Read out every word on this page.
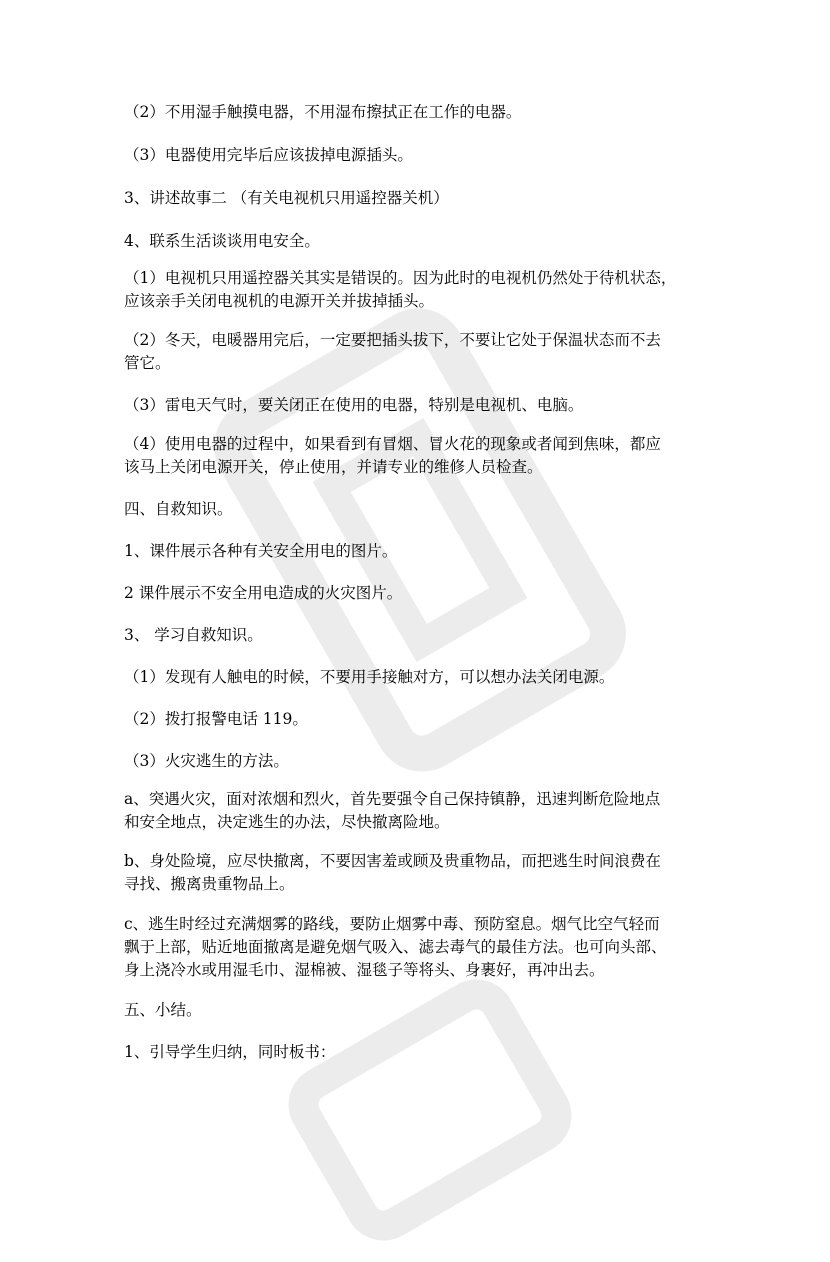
（2）不用湿手触摸电器，不用湿布擦拭正在工作的电器。
（3）电器使用完毕后应该拔掉电源插头。
3、讲述故事二 （有关电视机只用遥控器关机）
4、联系生活谈谈用电安全。
（1）电视机只用遥控器关其实是错误的。因为此时的电视机仍然处于待机状态，
应该亲手关闭电视机的电源开关并拔掉插头。
（2）冬天，电暖器用完后，一定要把插头拔下，不要让它处于保温状态而不去
管它。
（3）雷电天气时，要关闭正在使用的电器，特别是电视机、电脑。
（4）使用电器的过程中，如果看到有冒烟、冒火花的现象或者闻到焦味，都应
该马上关闭电源开关，停止使用，并请专业的维修人员检查。
四、自救知识。
1、课件展示各种有关安全用电的图片。
2 课件展示不安全用电造成的火灾图片。
3、 学习自救知识。
（1）发现有人触电的时候，不要用手接触对方，可以想办法关闭电源。
（2）拨打报警电话 119。
（3）火灾逃生的方法。
a、突遇火灾，面对浓烟和烈火，首先要强令自己保持镇静，迅速判断危险地点
和安全地点，决定逃生的办法，尽快撤离险地。
b、身处险境，应尽快撤离，不要因害羞或顾及贵重物品，而把逃生时间浪费在
寻找、搬离贵重物品上。
c、逃生时经过充满烟雾的路线，要防止烟雾中毒、预防窒息。烟气比空气轻而
飘于上部，贴近地面撤离是避免烟气吸入、滤去毒气的最佳方法。也可向头部、
身上浇冷水或用湿毛巾、湿棉被、湿毯子等将头、身裹好，再冲出去。
五、小结。
1、引导学生归纳，同时板书：
